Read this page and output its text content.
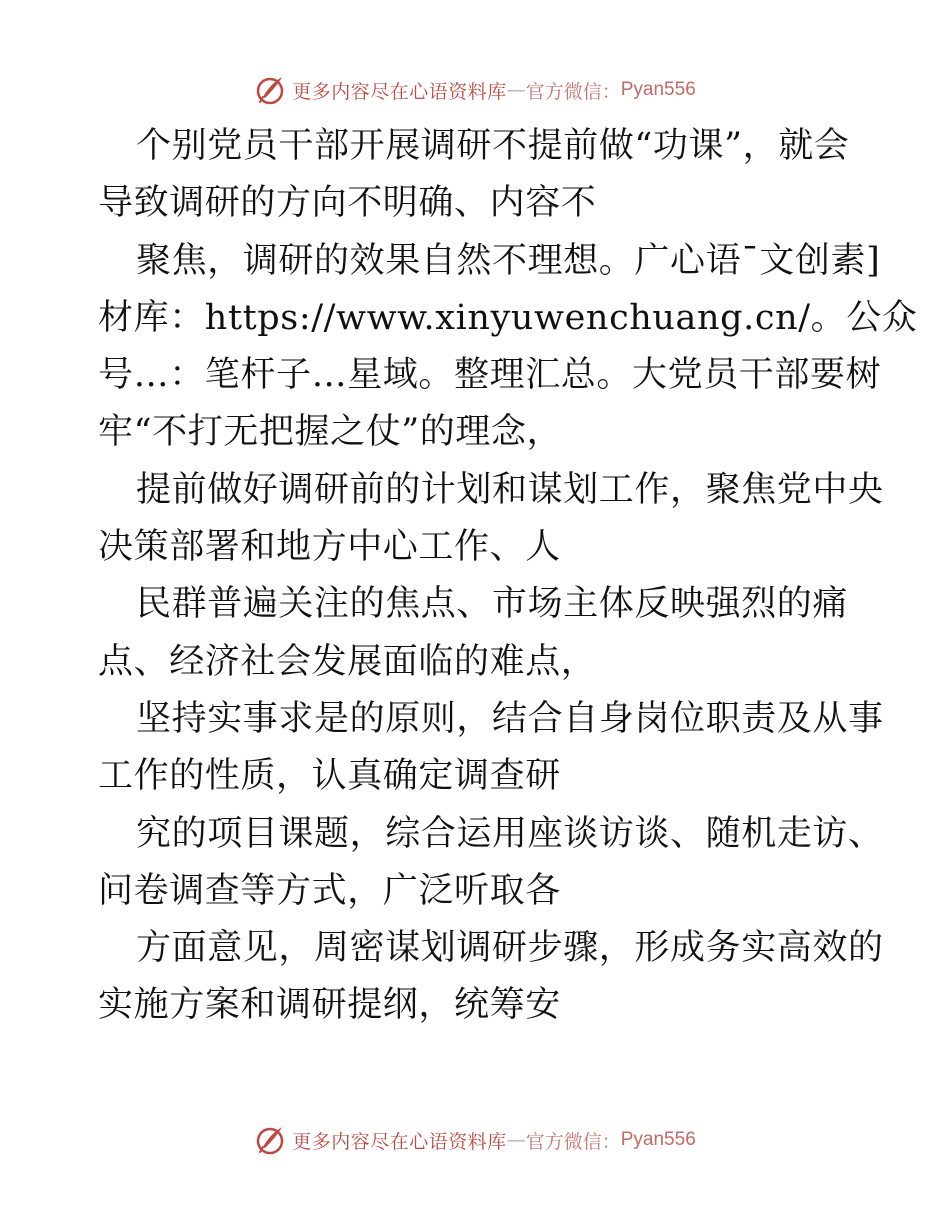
更多内容尽在心语资料库 — 官方微信： Pyan556
个别党员干部开展调研不提前做“功课”，就会
导致调研的方向不明确、内容不
聚焦，调研的效果自然不理想。广心语¯文创素]
材库：https://www.xinyuwenchuang.cn/。公众
号…：笔杆子…星域。整理汇总。大党员干部要树
牢“不打无把握之仗”的理念，
提前做好调研前的计划和谋划工作，聚焦党中央
决策部署和地方中心工作、人
民群普遍关注的焦点、市场主体反映强烈的痛
点、经济社会发展面临的难点，
坚持实事求是的原则，结合自身岗位职责及从事
工作的性质，认真确定调查研
究的项目课题，综合运用座谈访谈、随机走访、
问卷调查等方式，广泛听取各
方面意见，周密谋划调研步骤，形成务实高效的
实施方案和调研提纲，统筹安
更多内容尽在心语资料库 — 官方微信： Pyan556
